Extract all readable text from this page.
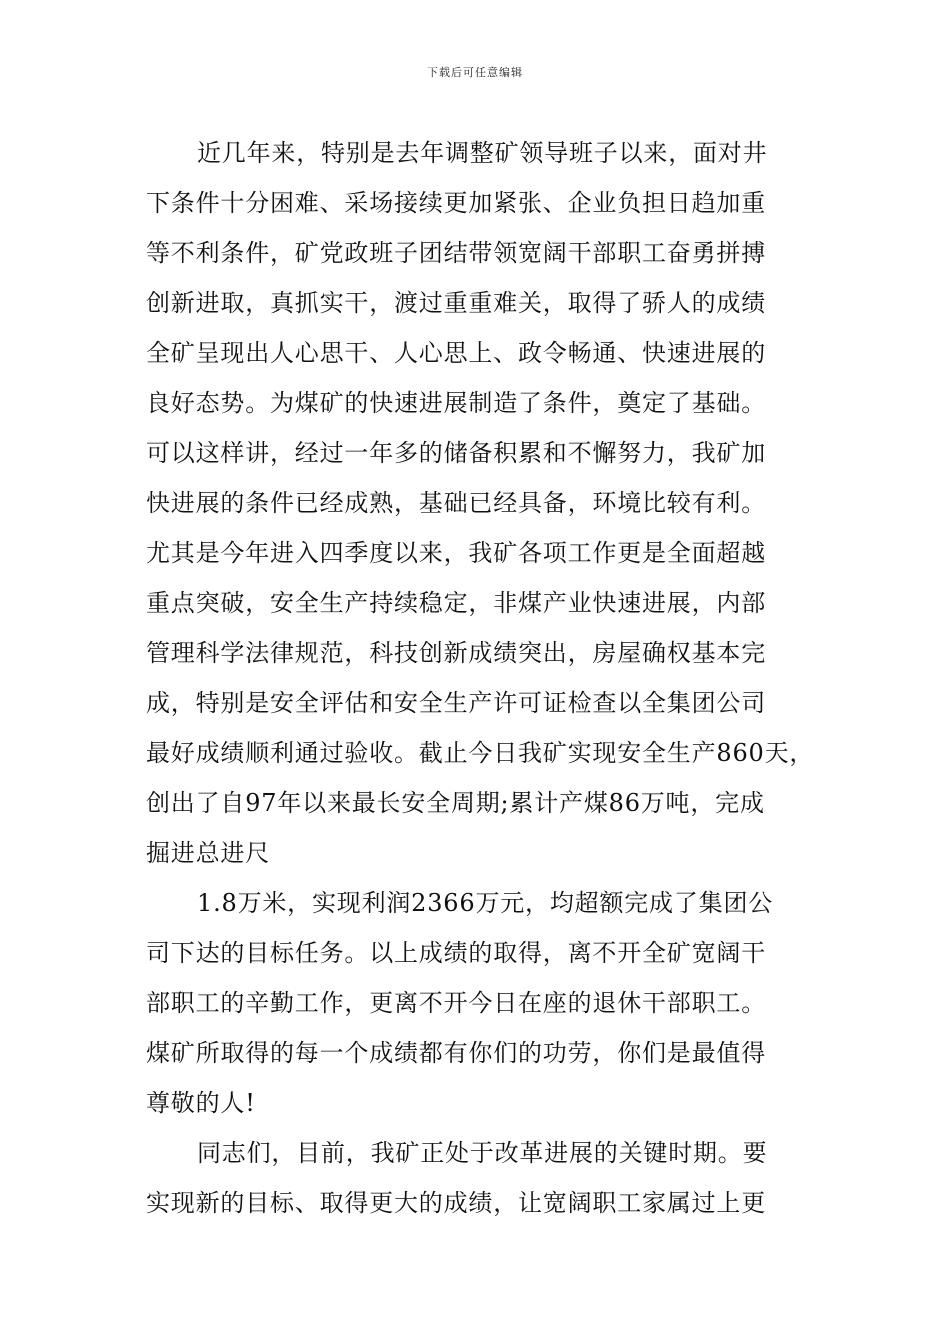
下载后可任意编辑
近几年来，特别是去年调整矿领导班子以来，面对井
下条件十分困难、采场接续更加紧张、企业负担日趋加重
等不利条件，矿党政班子团结带领宽阔干部职工奋勇拼搏
创新进取，真抓实干，渡过重重难关，取得了骄人的成绩
全矿呈现出人心思干、人心思上、政令畅通、快速进展的
良好态势。为煤矿的快速进展制造了条件，奠定了基础。
可以这样讲，经过一年多的储备积累和不懈努力，我矿加
快进展的条件已经成熟，基础已经具备，环境比较有利。
尤其是今年进入四季度以来，我矿各项工作更是全面超越
重点突破，安全生产持续稳定，非煤产业快速进展，内部
管理科学法律规范，科技创新成绩突出，房屋确权基本完
成，特别是安全评估和安全生产许可证检查以全集团公司
最好成绩顺利通过验收。截止今日我矿实现安全生产860天，
创出了自97年以来最长安全周期;累计产煤86万吨，完成
掘进总进尺
1.8万米，实现利润2366万元，均超额完成了集团公
司下达的目标任务。以上成绩的取得，离不开全矿宽阔干
部职工的辛勤工作，更离不开今日在座的退休干部职工。
煤矿所取得的每一个成绩都有你们的功劳，你们是最值得
尊敬的人!
同志们，目前，我矿正处于改革进展的关键时期。要
实现新的目标、取得更大的成绩，让宽阔职工家属过上更
